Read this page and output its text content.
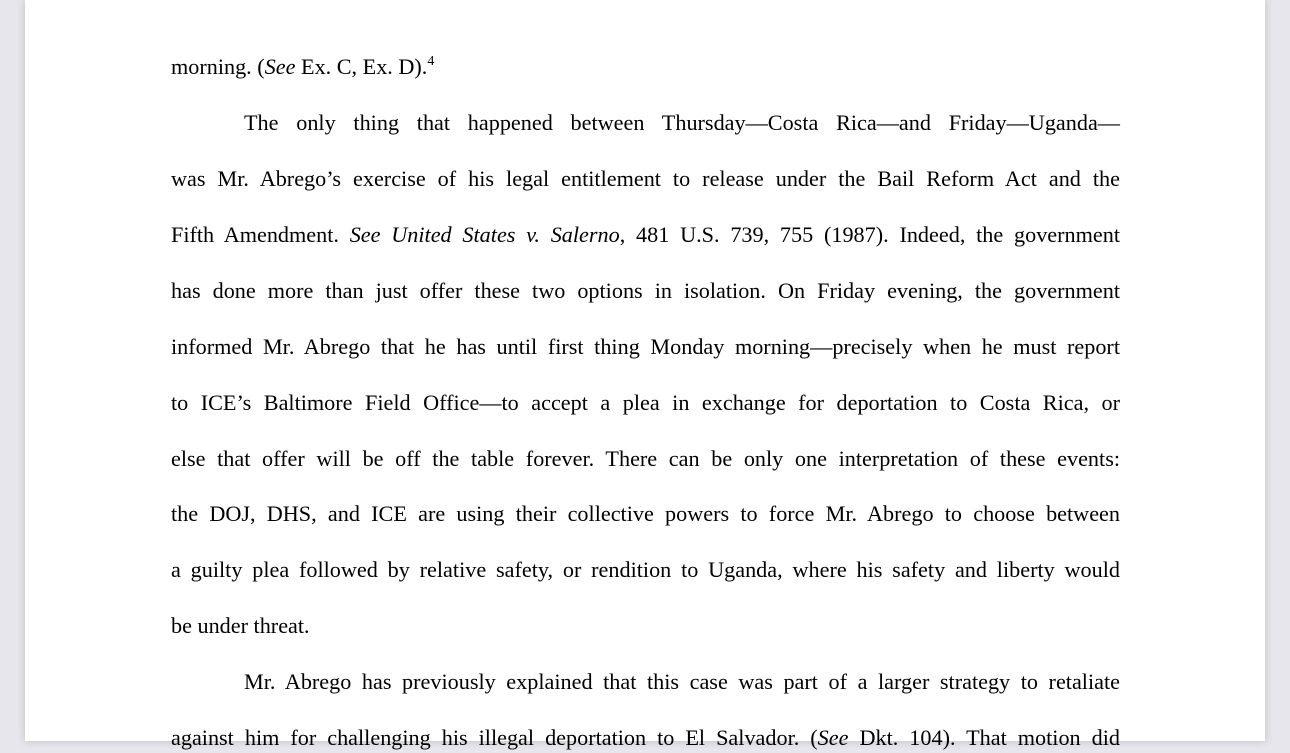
morning. (See Ex. C, Ex. D).$^4$
The only thing that happened between Thursday—Costa Rica—and Friday—Uganda—
was Mr. Abrego’s exercise of his legal entitlement to release under the Bail Reform Act and the
Fifth Amendment. See United States v. Salerno, 481 U.S. 739, 755 (1987). Indeed, the government
has done more than just offer these two options in isolation. On Friday evening, the government
informed Mr. Abrego that he has until first thing Monday morning—precisely when he must report
to ICE’s Baltimore Field Office—to accept a plea in exchange for deportation to Costa Rica, or
else that offer will be off the table forever. There can be only one interpretation of these events:
the DOJ, DHS, and ICE are using their collective powers to force Mr. Abrego to choose between
a guilty plea followed by relative safety, or rendition to Uganda, where his safety and liberty would
be under threat.
Mr. Abrego has previously explained that this case was part of a larger strategy to retaliate
against him for challenging his illegal deportation to El Salvador. (See Dkt. 104). That motion did
